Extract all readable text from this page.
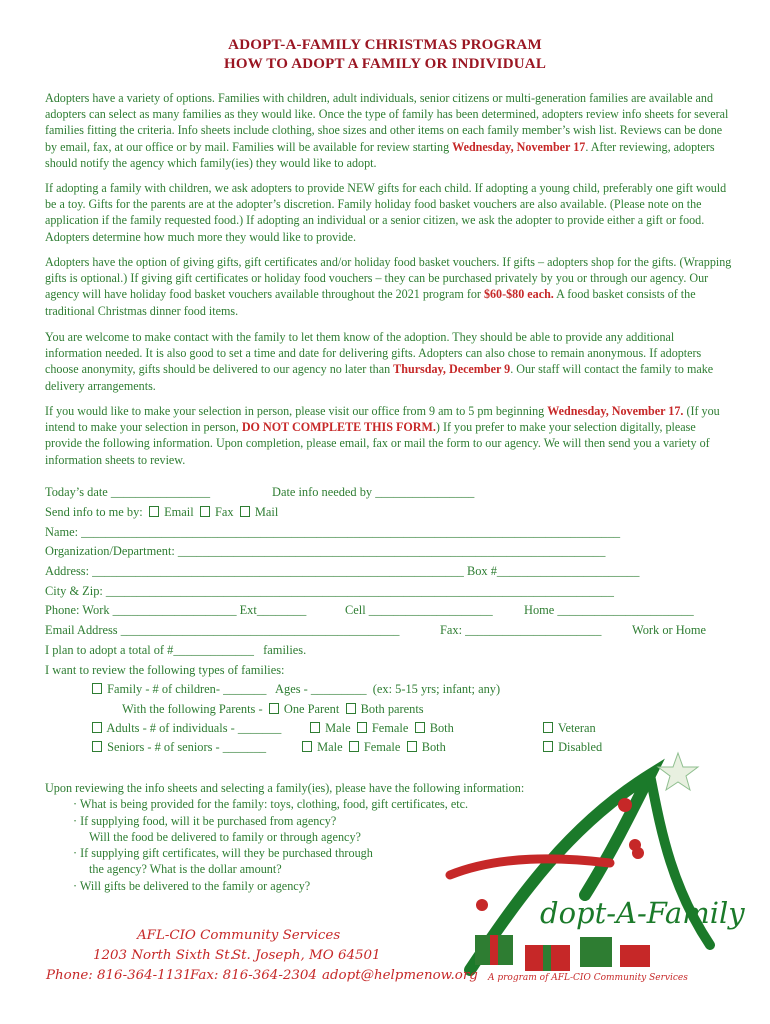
ADOPT-A-FAMILY CHRISTMAS PROGRAM
HOW TO ADOPT A FAMILY OR INDIVIDUAL
Adopters have a variety of options. Families with children, adult individuals, senior citizens or multi-generation families are available and adopters can select as many families as they would like. Once the type of family has been determined, adopters review info sheets for several families fitting the criteria. Info sheets include clothing, shoe sizes and other items on each family member’s wish list. Reviews can be done by email, fax, at our office or by mail. Families will be available for review starting Wednesday, November 17. After reviewing, adopters should notify the agency which family(ies) they would like to adopt.
If adopting a family with children, we ask adopters to provide NEW gifts for each child. If adopting a young child, preferably one gift would be a toy. Gifts for the parents are at the adopter’s discretion. Family holiday food basket vouchers are also available. (Please note on the application if the family requested food.) If adopting an individual or a senior citizen, we ask the adopter to provide either a gift or food. Adopters determine how much more they would like to provide.
Adopters have the option of giving gifts, gift certificates and/or holiday food basket vouchers. If gifts – adopters shop for the gifts. (Wrapping gifts is optional.) If giving gift certificates or holiday food vouchers – they can be purchased privately by you or through our agency. Our agency will have holiday food basket vouchers available throughout the 2021 program for $60-$80 each. A food basket consists of the traditional Christmas dinner food items.
You are welcome to make contact with the family to let them know of the adoption. They should be able to provide any additional information needed. It is also good to set a time and date for delivering gifts. Adopters can also chose to remain anonymous. If adopters choose anonymity, gifts should be delivered to our agency no later than Thursday, December 9. Our staff will contact the family to make delivery arrangements.
If you would like to make your selection in person, please visit our office from 9 am to 5 pm beginning Wednesday, November 17. (If you intend to make your selection in person, DO NOT COMPLETE THIS FORM.) If you prefer to make your selection digitally, please provide the following information. Upon completion, please email, fax or mail the form to our agency. We will then send you a variety of information sheets to review.
Today’s date ________________	Date info needed by ________________
Send info to me by: Email Fax Mail
Name: _______________________________________________________________________________________
Organization/Department: _____________________________________________________________________
Address: ____________________________________________________________ Box #_______________________
City & Zip: __________________________________________________________________________________
Phone: Work ____________________ Ext________	Cell ____________________	Home ______________________
Email Address _____________________________________________	Fax: ______________________ Work or Home
I plan to adopt a total of #_____________   families.
I want to review the following types of families:
Family - # of children- _______   Ages - _________  (ex: 5-15 yrs; infant; any)
With the following Parents - One Parent Both parents
Adults - # of individuals - _______	Male Female Both	Veteran
Seniors - # of seniors - _______	Male Female Both	Disabled
dopt-A-Family
A program of AFL-CIO Community Services
Upon reviewing the info sheets and selecting a family(ies), please have the following information:
· What is being provided for the family: toys, clothing, food, gift certificates, etc.
· If supplying food, will it be purchased from agency?
Will the food be delivered to family or through agency?
· If supplying gift certificates, will they be purchased through
the agency? What is the dollar amount?
· Will gifts be delivered to the family or agency?
AFL-CIO Community Services
1203 North Sixth St.
St. Joseph, MO 64501
Phone: 816-364-1131
Fax: 816-364-2304 adopt@helpmenow.org
